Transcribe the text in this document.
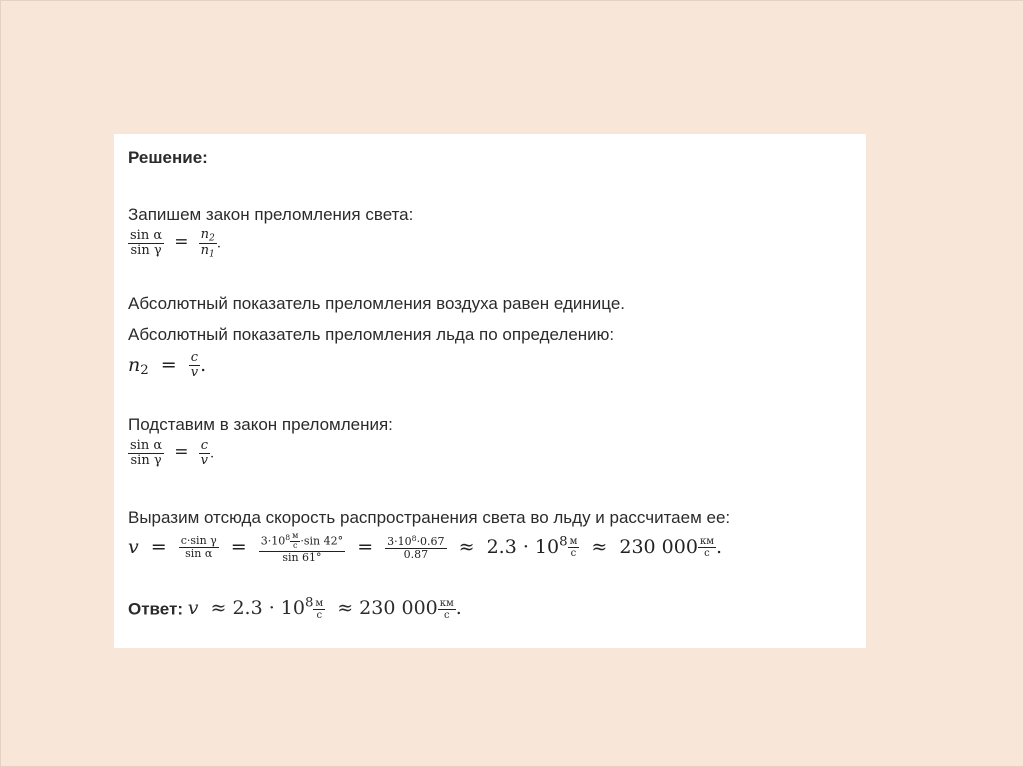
Решение:
Запишем закон преломления света:
$\frac{\text{sin α}}{\text{sin γ}} = \frac{n_2}{n_1}$ .
Абсолютный показатель преломления воздуха равен единице.
Абсолютный показатель преломления льда по определению:
$n_2 = \frac{c}{v}$ .
Подставим в закон преломления:
$\frac{\text{sin α}}{\text{sin γ}} = \frac{c}{v}$ .
Выразим отсюда скорость распространения света во льду и рассчитаем ее:
$v = \frac{\text{c·sin γ}}{\text{sin α}} = \frac{3\cdot 10^8 \frac{м}{с} \cdot\sin 42^\circ}{\sin 61^\circ} = \frac{3\cdot 10^8\cdot 0.67}{0.87} \approx 2.3 \cdot 10^8 \frac{м}{с} \approx 230$ $000 \frac{км}{с}$ .
Ответ: $v \approx 2.3 \cdot 10^8 \frac{м}{с} \approx 230$ $000 \frac{км}{с}$ .
